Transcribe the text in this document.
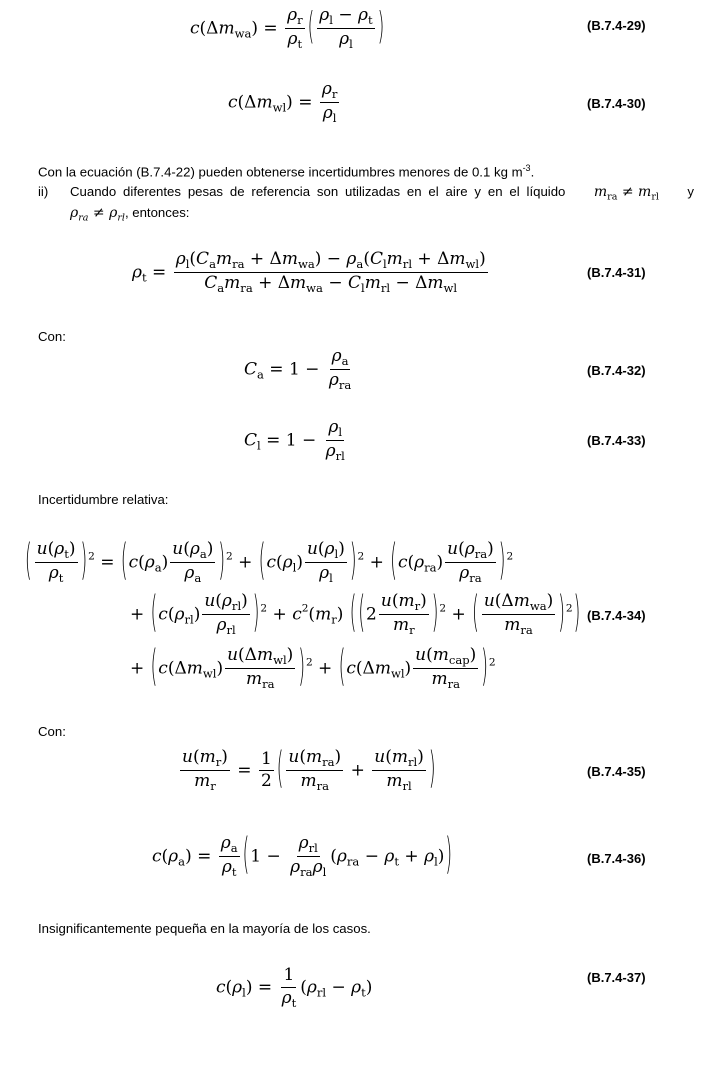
$c(\Delta m_{wa}) = \frac{\rho_r}{\rho_t}$ ( $\frac{\rho_l - \rho_t}{\rho_l}$ )	(B.7.4-29)
$c(\Delta m_{wl}) = \frac{\rho_r}{\rho_l}$	(B.7.4-30)
Con la ecuación (B.7.4-22) pueden obtenerse incertidumbres menores de 0.1 kg $m^{-3}$.
ii) Cuando diferentes pesas de referencia son utilizadas en el aire y en el líquido $m_{ra} \ne m_{rl}$ y
$\rho_{ra} \ne \rho_{rl}$, entonces:
$\rho_t = \frac{\rho_l(C_am_{ra} + \Delta m_{wa}) - \rho_a(C_lm_{rl} + \Delta m_{wl})}{C_am_{ra} + \Delta m_{wa} - C_lm_{rl} - \Delta m_{wl}}$	(B.7.4-31)
Con:
$C_a = 1 - \frac{\rho_a}{\rho_{ra}}$	(B.7.4-32)
$C_l = 1 - \frac{\rho_l}{\rho_{rl}}$	(B.7.4-33)
Incertidumbre relativa:
( $\frac{u(\rho_t)}{\rho_t} )^2 = (c(\rho_a) \frac{u(\rho_a)}{\rho_a} )^2 + (c(\rho_l) \frac{u(\rho_l)}{\rho_l} )^2 + (c(\rho_{ra}) \frac{u(\rho_{ra})}{\rho_{ra}} )^2$
+ $(c(\rho_{rl}) \frac{u(\rho_{rl})}{\rho_{rl}} )^2 + c^2(m_r)$ ( $(2 \frac{u(m_r)}{m_r} )^2$ + ( $\frac{u(\Delta m_{wa})}{m_{ra}} )^2$) (B.7.4-34)
+ $(c(\Delta m_{wl}) \frac{u(\Delta m_{wl})}{m_{ra}} )^2 + (c(\Delta m_{wl}) \frac{u(m_{cap})}{m_{ra}} )^2$
Con:
$\frac{u(m_r)}{m_r} = \frac{1}{2}$ ( $\frac{u(m_{ra})}{m_{ra}} + \frac{u(m_{rl})}{m_{rl}}$ )	(B.7.4-35)
$c(\rho_a) = \frac{\rho_a}{\rho_t} (1 - \frac{\rho_{rl}}{\rho_{ra}\rho_l} (\rho_{ra} - \rho_t + \rho_l))$	(B.7.4-36)
Insignificantemente pequeña en la mayoría de los casos.
$c(\rho_l) = \frac{1}{\rho_t} (\rho_{rl} - \rho_t)$	(B.7.4-37)
